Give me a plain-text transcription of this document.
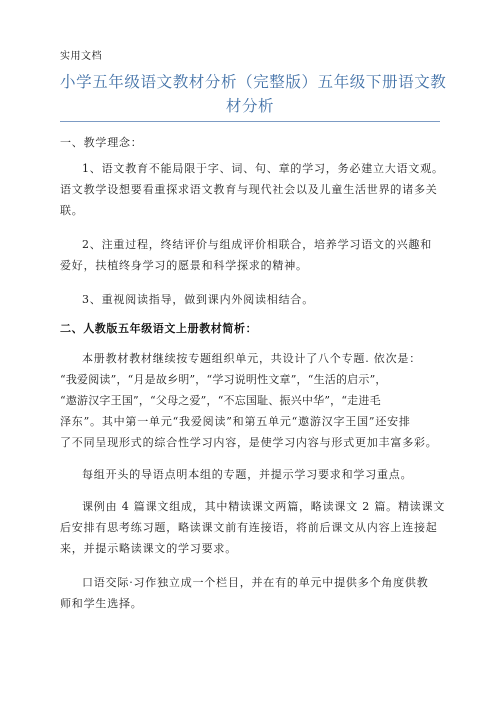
实用文档
小学五年级语文教材分析（完整版）五年级下册语文教
材分析
一、教学理念：
1、语文教育不能局限于字、词、句、章的学习，务必建立大语文观。
语文教学设想要看重探求语文教育与现代社会以及儿童生活世界的诸多关
联。
2、注重过程，终结评价与组成评价相联合，培养学习语文的兴趣和
爱好，扶植终身学习的愿景和科学探求的精神。
3、重视阅读指导，做到课内外阅读相结合。
二、人教版五年级语文上册教材简析：
本册教材教材继续按专题组织单元，共设计了八个专题. 依次是：
“我爱阅读”，“月是故乡明”，“学习说明性文章”，“生活的启示”，
“遨游汉字王国”，“父母之爱”，“不忘国耻、振兴中华”，“走进毛
泽东”。其中第一单元“我爱阅读”和第五单元“遨游汉字王国”还安排
了不同呈现形式的综合性学习内容，是使学习内容与形式更加丰富多彩。
每组开头的导语点明本组的专题，并提示学习要求和学习重点。
课例由 4 篇课文组成，其中精读课文两篇，略读课文 2 篇。精读课文
后安排有思考练习题，略读课文前有连接语，将前后课文从内容上连接起
来，并提示略读课文的学习要求。
口语交际·习作独立成一个栏目，并在有的单元中提供多个角度供教
师和学生选择。
